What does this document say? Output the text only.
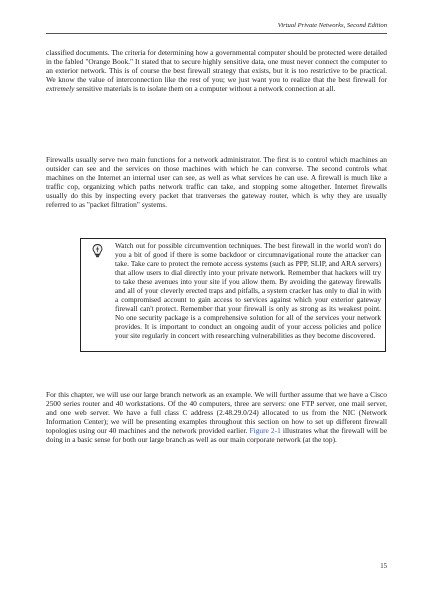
Virtual Private Networks, Second Edition

classified documents. The criteria for determining how a governmental computer should be protected were detailed in the fabled "Orange Book." It stated that to secure highly sensitive data, one must never connect the computer to an exterior network. This is of course the best firewall strategy that exists, but it is too restrictive to be practical. We know the value of interconnection like the rest of you; we just want you to realize that the best firewall for extremely sensitive materials is to isolate them on a computer without a network connection at all.

Firewalls usually serve two main functions for a network administrator. The first is to control which machines an outsider can see and the services on those machines with which he can converse. The second controls what machines on the Internet an internal user can see, as well as what services he can use. A firewall is much like a traffic cop, organizing which paths network traffic can take, and stopping some altogether. Internet firewalls usually do this by inspecting every packet that tranverses the gateway router, which is why they are usually referred to as "packet filtration" systems.

Watch out for possible circumvention techniques. The best firewall in the world won't do you a bit of good if there is some backdoor or circumnavigational route the attacker can take. Take care to protect the remote access systems (such as PPP, SLIP, and ARA servers) that allow users to dial directly into your private network. Remember that hackers will try to take these avenues into your site if you allow them. By avoiding the gateway firewalls and all of your cleverly erected traps and pitfalls, a system cracker has only to dial in with a compromised account to gain access to services against which your exterior gateway firewall can't protect. Remember that your firewall is only as strong as its weakest point. No one security package is a comprehensive solution for all of the services your network provides. It is important to conduct an ongoing audit of your access policies and police your site regularly in concert with researching vulnerabilities as they become discovered.

For this chapter, we will use our large branch network as an example. We will further assume that we have a Cisco 2500 series router and 40 workstations. Of the 40 computers, three are servers: one FTP server, one mail server, and one web server. We have a full class C address (2.48.29.0/24) allocated to us from the NIC (Network Information Center); we will be presenting examples throughout this section on how to set up different firewall topologies using our 40 machines and the network provided earlier. Figure 2-1 illustrates what the firewall will be doing in a basic sense for both our large branch as well as our main corporate network (at the top).

15
